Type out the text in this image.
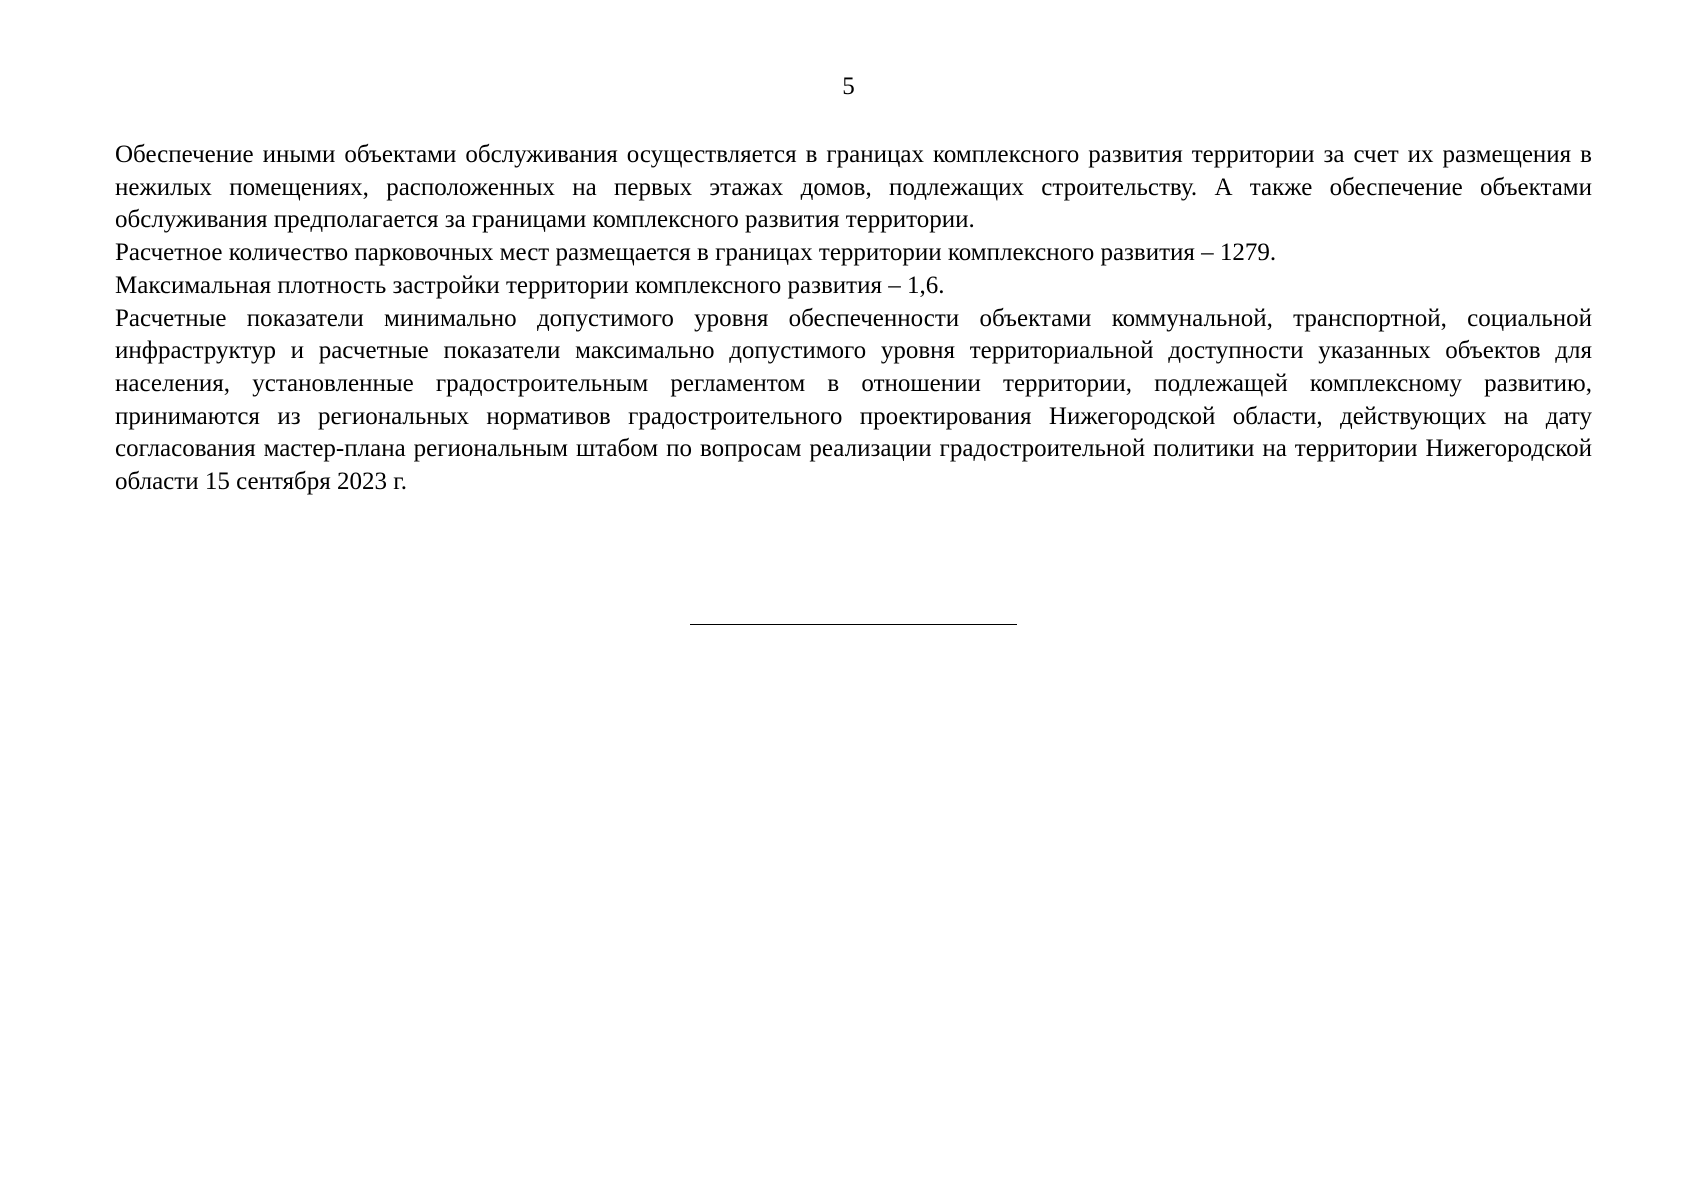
5

Обеспечение иными объектами обслуживания осуществляется в границах комплексного развития территории за счет их размещения в нежилых помещениях, расположенных на первых этажах домов, подлежащих строительству. А также обеспечение объектами обслуживания предполагается за границами комплексного развития территории.

Расчетное количество парковочных мест размещается в границах территории комплексного развития – 1279.

Максимальная плотность застройки территории комплексного развития – 1,6.

Расчетные показатели минимально допустимого уровня обеспеченности объектами коммунальной, транспортной, социальной инфраструктур и расчетные показатели максимально допустимого уровня территориальной доступности указанных объектов для населения, установленные градостроительным регламентом в отношении территории, подлежащей комплексному развитию, принимаются из региональных нормативов градостроительного проектирования Нижегородской области, действующих на дату согласования мастер-плана региональным штабом по вопросам реализации градостроительной политики на территории Нижегородской области 15 сентября 2023 г.
